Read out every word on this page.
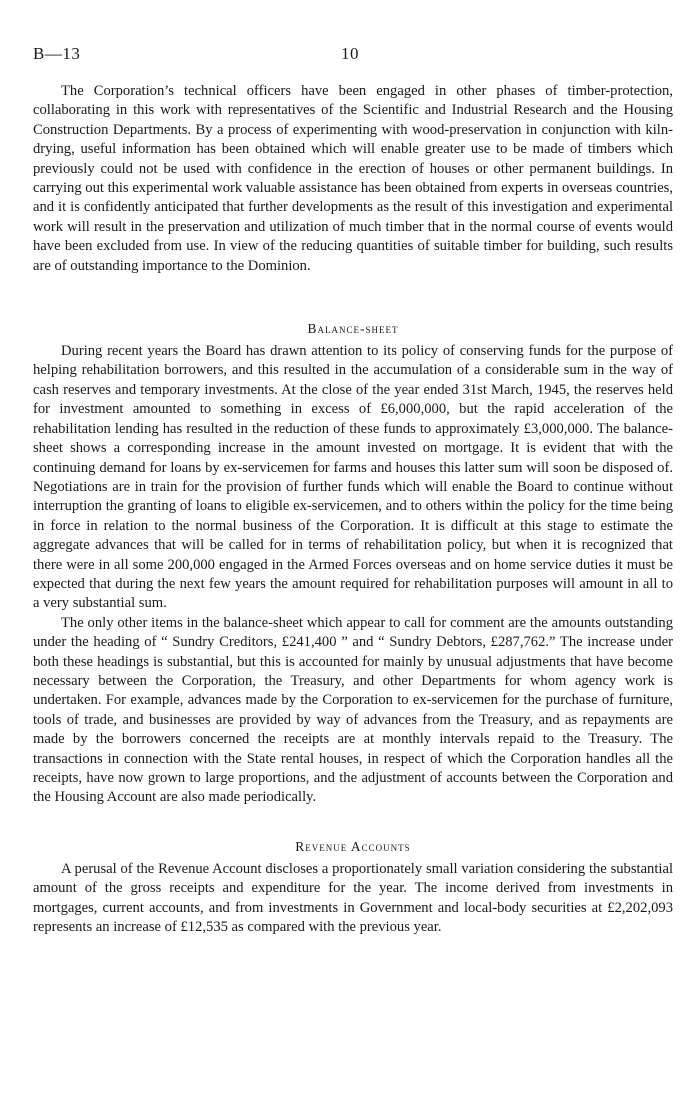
B—13	10

The Corporation’s technical officers have been engaged in other phases of timber-protection, collaborating in this work with representatives of the Scientific and Industrial Research and the Housing Construction Departments. By a process of experimenting with wood-preservation in conjunction with kiln-drying, useful information has been obtained which will enable greater use to be made of timbers which previously could not be used with confidence in the erection of houses or other permanent buildings. In carrying out this experimental work valuable assistance has been obtained from experts in overseas countries, and it is confidently anticipated that further developments as the result of this investigation and experimental work will result in the preservation and utilization of much timber that in the normal course of events would have been excluded from use. In view of the reducing quantities of suitable timber for building, such results are of outstanding importance to the Dominion.

Balance-sheet

During recent years the Board has drawn attention to its policy of conserving funds for the purpose of helping rehabilitation borrowers, and this resulted in the accumulation of a considerable sum in the way of cash reserves and temporary investments. At the close of the year ended 31st March, 1945, the reserves held for investment amounted to something in excess of £6,000,000, but the rapid acceleration of the rehabilitation lending has resulted in the reduction of these funds to approximately £3,000,000. The balance-sheet shows a corresponding increase in the amount invested on mortgage. It is evident that with the continuing demand for loans by ex-servicemen for farms and houses this latter sum will soon be disposed of. Negotiations are in train for the provision of further funds which will enable the Board to continue without interruption the granting of loans to eligible ex-servicemen, and to others within the policy for the time being in force in relation to the normal business of the Corporation. It is difficult at this stage to estimate the aggregate advances that will be called for in terms of rehabilitation policy, but when it is recognized that there were in all some 200,000 engaged in the Armed Forces overseas and on home service duties it must be expected that during the next few years the amount required for rehabilitation purposes will amount in all to a very substantial sum.

The only other items in the balance-sheet which appear to call for comment are the amounts outstanding under the heading of “ Sundry Creditors, £241,400 ” and “ Sundry Debtors, £287,762.” The increase under both these headings is substantial, but this is accounted for mainly by unusual adjustments that have become necessary between the Corporation, the Treasury, and other Departments for whom agency work is undertaken. For example, advances made by the Corporation to ex-servicemen for the purchase of furniture, tools of trade, and businesses are provided by way of advances from the Treasury, and as repayments are made by the borrowers concerned the receipts are at monthly intervals repaid to the Treasury. The transactions in connection with the State rental houses, in respect of which the Corporation handles all the receipts, have now grown to large proportions, and the adjustment of accounts between the Corporation and the Housing Account are also made periodically.

Revenue Accounts

A perusal of the Revenue Account discloses a proportionately small variation considering the substantial amount of the gross receipts and expenditure for the year. The income derived from investments in mortgages, current accounts, and from investments in Government and local-body securities at £2,202,093 represents an increase of £12,535 as compared with the previous year.
